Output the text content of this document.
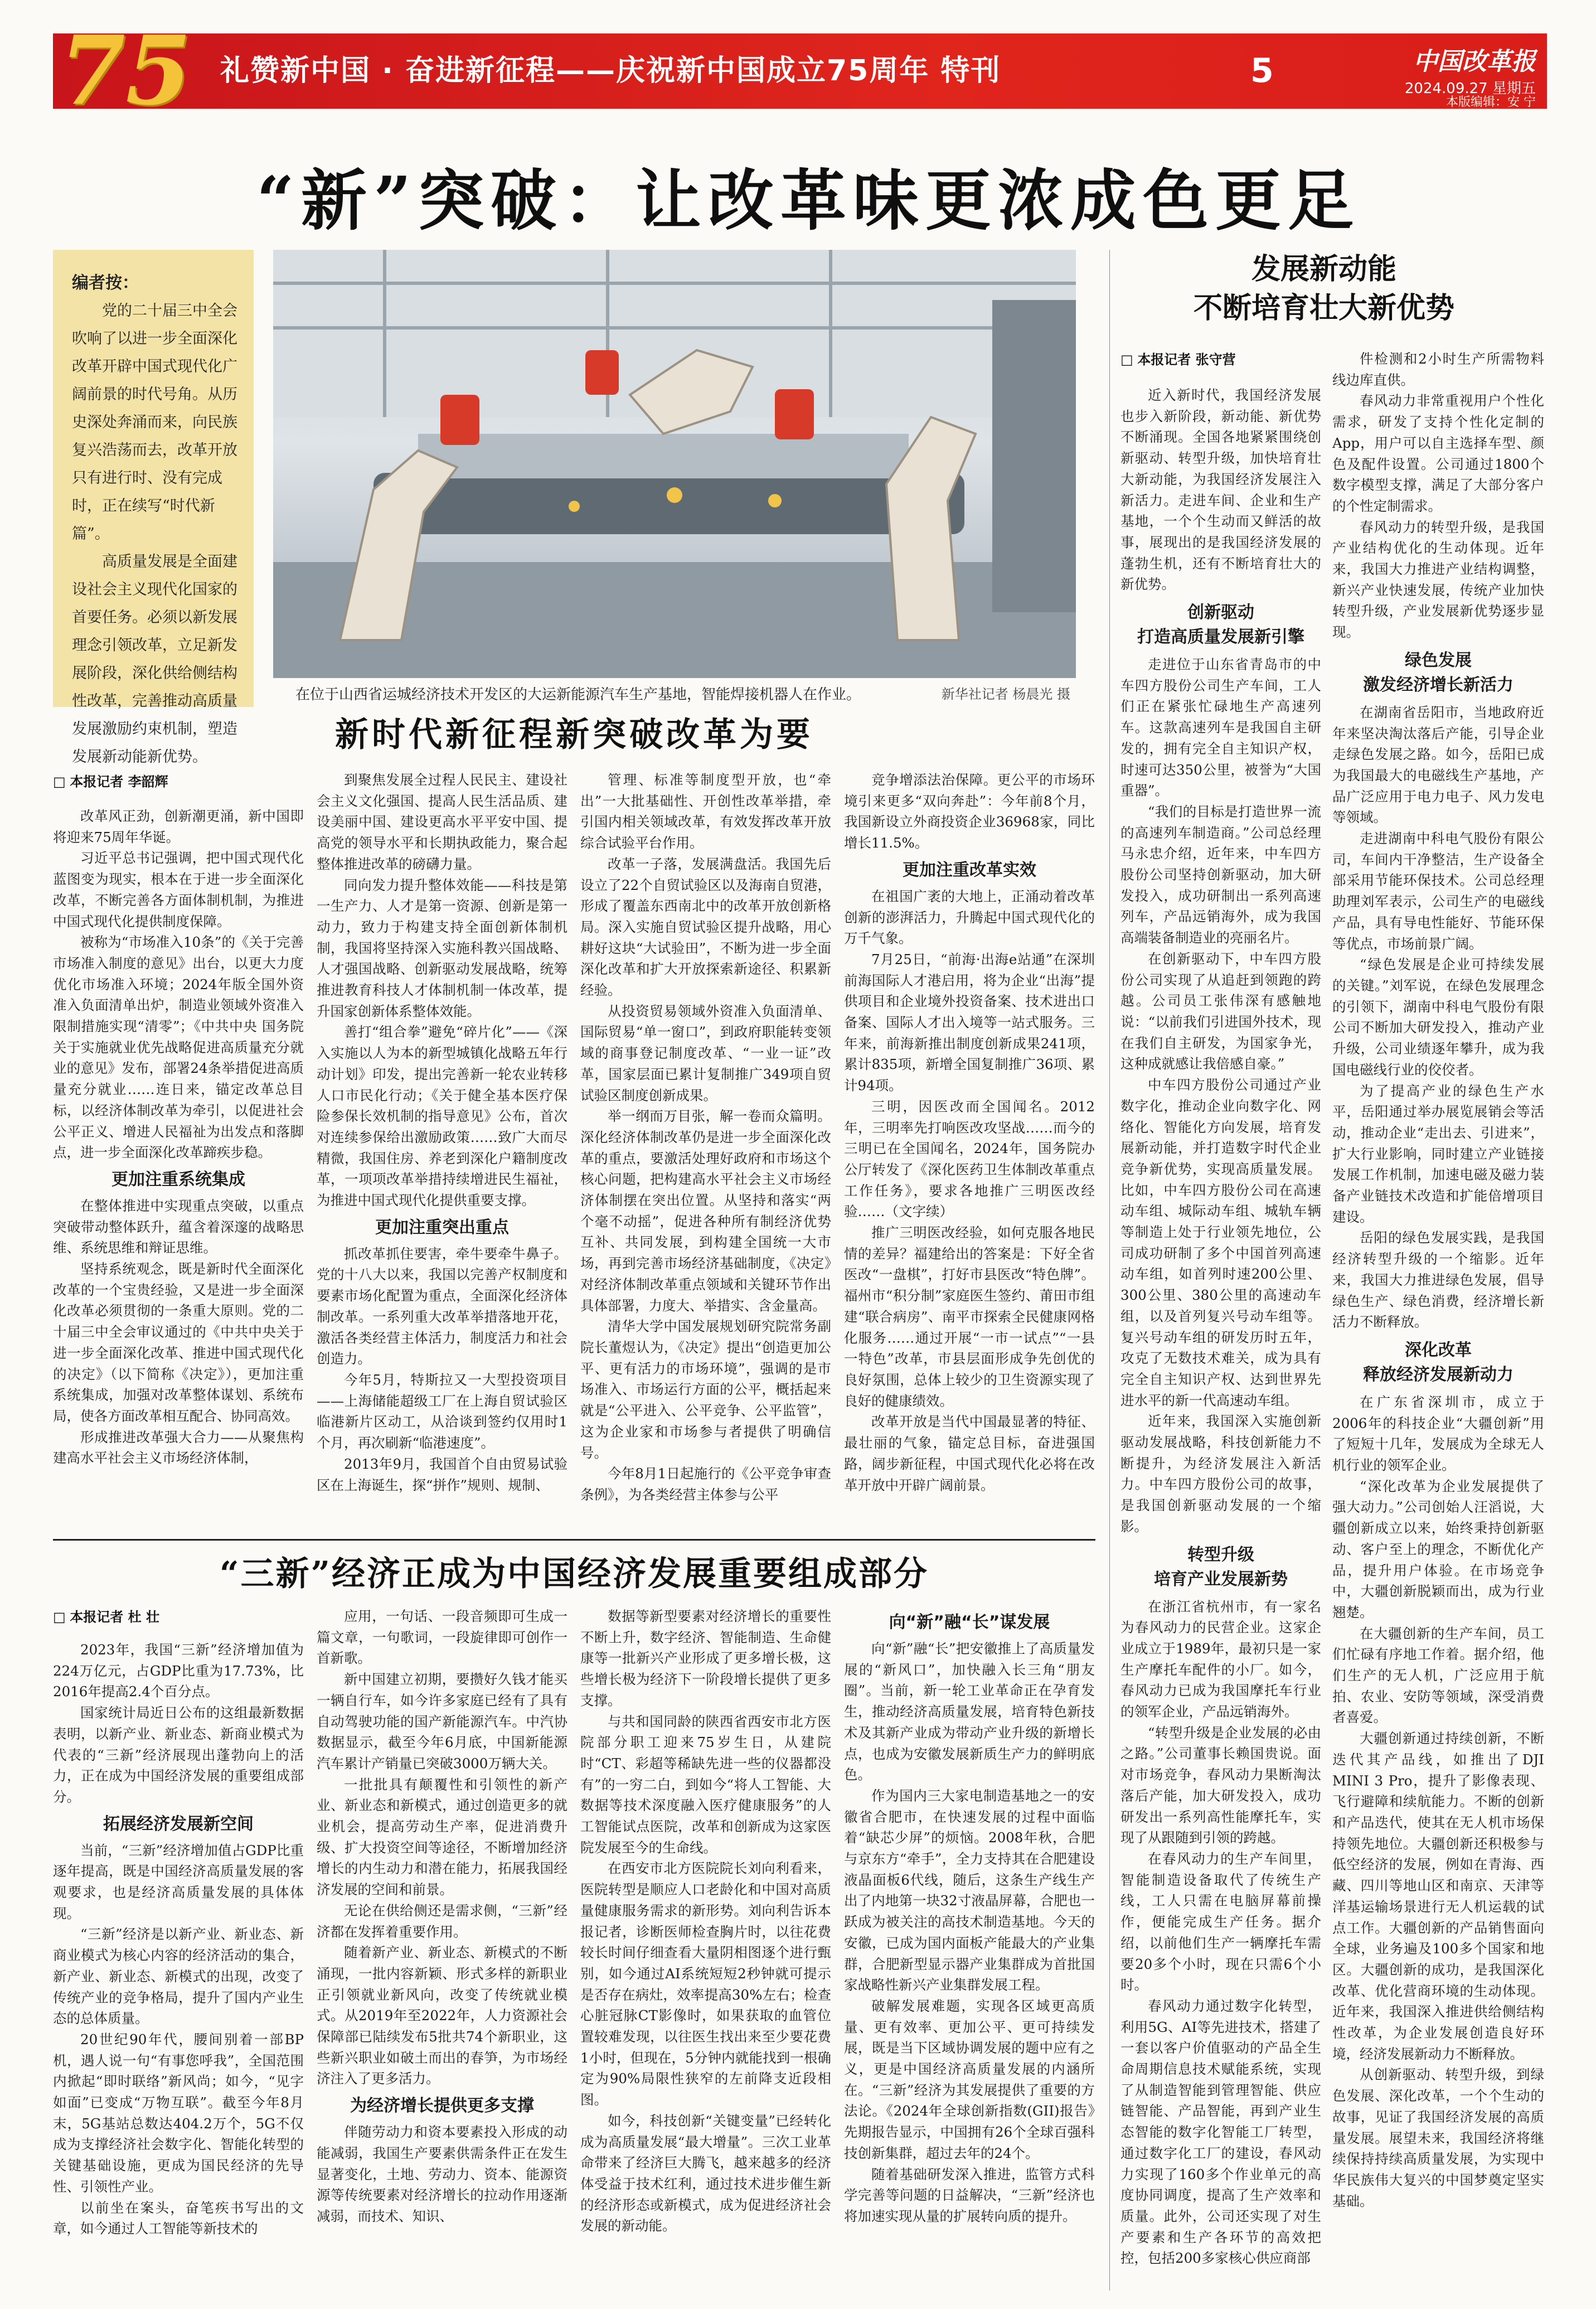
75 礼赞新中国 · 奋进新征程——庆祝新中国成立75周年 特刊	5	中国改革报
2024.09.27 星期五
本版编辑：安 宁
“新”突破：让改革味更浓成色更足
编者按：

党的二十届三中全会吹响了以进一步全面深化改革开辟中国式现代化广阔前景的时代号角。从历史深处奔涌而来，向民族复兴浩荡而去，改革开放只有进行时、没有完成时，正在续写“时代新篇”。

高质量发展是全面建设社会主义现代化国家的首要任务。必须以新发展理念引领改革，立足新发展阶段，深化供给侧结构性改革，完善推动高质量发展激励约束机制，塑造发展新动能新优势。

在位于山西省运城经济技术开发区的大运新能源汽车生产基地，智能焊接机器人在作业。	新华社记者 杨晨光 摄
新时代新征程新突破改革为要
□ 本报记者 李韶辉

改革风正劲，创新潮更涌，新中国即将迎来75周年华诞。

习近平总书记强调，把中国式现代化蓝图变为现实，根本在于进一步全面深化改革，不断完善各方面体制机制，为推进中国式现代化提供制度保障。

被称为“市场准入10条”的《关于完善市场准入制度的意见》出台，以更大力度优化市场准入环境；2024年版全国外资准入负面清单出炉，制造业领域外资准入限制措施实现“清零”；《中共中央 国务院关于实施就业优先战略促进高质量充分就业的意见》发布，部署24条举措促进高质量充分就业……连日来，锚定改革总目标，以经济体制改革为牵引，以促进社会公平正义、增进人民福祉为出发点和落脚点，进一步全面深化改革蹄疾步稳。

更加注重系统集成

在整体推进中实现重点突破，以重点突破带动整体跃升，蕴含着深邃的战略思维、系统思维和辩证思维。

坚持系统观念，既是新时代全面深化改革的一个宝贵经验，又是进一步全面深化改革必须贯彻的一条重大原则。党的二十届三中全会审议通过的《中共中央关于进一步全面深化改革、推进中国式现代化的决定》（以下简称《决定》），更加注重系统集成，加强对改革整体谋划、系统布局，使各方面改革相互配合、协同高效。

形成推进改革强大合力——从聚焦构建高水平社会主义市场经济体制，

到聚焦发展全过程人民民主、建设社会主义文化强国、提高人民生活品质、建设美丽中国、建设更高水平平安中国、提高党的领导水平和长期执政能力，聚合起整体推进改革的磅礴力量。

同向发力提升整体效能——科技是第一生产力、人才是第一资源、创新是第一动力，致力于构建支持全面创新体制机制，我国将坚持深入实施科教兴国战略、人才强国战略、创新驱动发展战略，统筹推进教育科技人才体制机制一体改革，提升国家创新体系整体效能。

善打“组合拳”避免“碎片化”——《深入实施以人为本的新型城镇化战略五年行动计划》印发，提出完善新一轮农业转移人口市民化行动；《关于健全基本医疗保险参保长效机制的指导意见》公布，首次对连续参保给出激励政策……致广大而尽精微，我国住房、养老到深化户籍制度改革，一项项改革举措持续增进民生福祉，为推进中国式现代化提供重要支撑。

更加注重突出重点

抓改革抓住要害，牵牛要牵牛鼻子。党的十八大以来，我国以完善产权制度和要素市场化配置为重点，全面深化经济体制改革。一系列重大改革举措落地开花，激活各类经营主体活力，制度活力和社会创造力。

今年5月，特斯拉又一大型投资项目——上海储能超级工厂在上海自贸试验区临港新片区动工，从洽谈到签约仅用时1个月，再次刷新“临港速度”。

2013年9月，我国首个自由贸易试验区在上海诞生，探“拼作”规则、规制、

管理、标准等制度型开放，也“牵出”一大批基础性、开创性改革举措，牵引国内相关领域改革，有效发挥改革开放综合试验平台作用。

改革一子落，发展满盘活。我国先后设立了22个自贸试验区以及海南自贸港，形成了覆盖东西南北中的改革开放创新格局。深入实施自贸试验区提升战略，用心耕好这块“大试验田”，不断为进一步全面深化改革和扩大开放探索新途径、积累新经验。

从投资贸易领域外资准入负面清单、国际贸易“单一窗口”，到政府职能转变领域的商事登记制度改革、“一业一证”改革，国家层面已累计复制推广349项自贸试验区制度创新成果。

举一纲而万目张，解一卷而众篇明。深化经济体制改革仍是进一步全面深化改革的重点，要激活处理好政府和市场这个核心问题，把构建高水平社会主义市场经济体制摆在突出位置。从坚持和落实“两个毫不动摇”，促进各种所有制经济优势互补、共同发展，到构建全国统一大市场，再到完善市场经济基础制度，《决定》对经济体制改革重点领域和关键环节作出具体部署，力度大、举措实、含金量高。

清华大学中国发展规划研究院常务副院长董煜认为，《决定》提出“创造更加公平、更有活力的市场环境”，强调的是市场准入、市场运行方面的公平，概括起来就是“公平进入、公平竞争、公平监管”，这为企业家和市场参与者提供了明确信号。

今年8月1日起施行的《公平竞争审查条例》，为各类经营主体参与公平

竞争增添法治保障。更公平的市场环境引来更多“双向奔赴”：今年前8个月，我国新设立外商投资企业36968家，同比增长11.5%。

更加注重改革实效

在祖国广袤的大地上，正涌动着改革创新的澎湃活力，升腾起中国式现代化的万千气象。

7月25日，“前海·出海e站通”在深圳前海国际人才港启用，将为企业“出海”提供项目和企业境外投资备案、技术进出口备案、国际人才出入境等一站式服务。三年来，前海新推出制度创新成果241项，累计835项，新增全国复制推广36项、累计94项。

三明，因医改而全国闻名。2012年，三明率先打响医改攻坚战……而今的三明已在全国闻名，2024年，国务院办公厅转发了《深化医药卫生体制改革重点工作任务》，要求各地推广三明医改经验……（文字续）

推广三明医改经验，如何克服各地民情的差异？福建给出的答案是：下好全省医改“一盘棋”，打好市县医改“特色牌”。福州市“积分制”家庭医生签约、莆田市组建“联合病房”、南平市探索全民健康网格化服务……通过开展“一市一试点”“一县一特色”改革，市县层面形成争先创优的良好氛围，总体上较少的卫生资源实现了良好的健康绩效。

改革开放是当代中国最显著的特征、最壮丽的气象，锚定总目标，奋进强国路，阔步新征程，中国式现代化必将在改革开放中开辟广阔前景。

“三新”经济正成为中国经济发展重要组成部分
□ 本报记者 杜 壮

2023年，我国“三新”经济增加值为224万亿元，占GDP比重为17.73%，比2016年提高2.4个百分点。

国家统计局近日公布的这组最新数据表明，以新产业、新业态、新商业模式为代表的“三新”经济展现出蓬勃向上的活力，正在成为中国经济发展的重要组成部分。

拓展经济发展新空间

当前，“三新”经济增加值占GDP比重逐年提高，既是中国经济高质量发展的客观要求，也是经济高质量发展的具体体现。

“三新”经济是以新产业、新业态、新商业模式为核心内容的经济活动的集合，新产业、新业态、新模式的出现，改变了传统产业的竞争格局，提升了国内产业生态的总体质量。

20世纪90年代，腰间别着一部BP机，遇人说一句“有事您呼我”，全国范围内掀起“即时联络”新风尚；如今，“见字如面”已变成“万物互联”。截至今年8月末，5G基站总数达404.2万个，5G不仅成为支撑经济社会数字化、智能化转型的关键基础设施，更成为国民经济的先导性、引领性产业。

以前坐在案头，奋笔疾书写出的文章，如今通过人工智能等新技术的

应用，一句话、一段音频即可生成一篇文章，一句歌词，一段旋律即可创作一首新歌。

新中国建立初期，要攒好久钱才能买一辆自行车，如今许多家庭已经有了具有自动驾驶功能的国产新能源汽车。中汽协数据显示，截至今年6月底，中国新能源汽车累计产销量已突破3000万辆大关。

一批批具有颠覆性和引领性的新产业、新业态和新模式，通过创造更多的就业机会，提高劳动生产率，促进消费升级、扩大投资空间等途径，不断增加经济增长的内生动力和潜在能力，拓展我国经济发展的空间和前景。

无论在供给侧还是需求侧，“三新”经济都在发挥着重要作用。

随着新产业、新业态、新模式的不断涌现，一批内容新颖、形式多样的新职业正引领就业新风向，改变了传统就业模式。从2019年至2022年，人力资源社会保障部已陆续发布5批共74个新职业，这些新兴职业如破土而出的春笋，为市场经济注入了更多活力。

为经济增长提供更多支撑

伴随劳动力和资本要素投入形成的动能减弱，我国生产要素供需条件正在发生显著变化，土地、劳动力、资本、能源资源等传统要素对经济增长的拉动作用逐渐减弱，而技术、知识、

数据等新型要素对经济增长的重要性不断上升，数字经济、智能制造、生命健康等一批新兴产业形成了更多增长极，这些增长极为经济下一阶段增长提供了更多支撑。

与共和国同龄的陕西省西安市北方医院部分职工迎来75岁生日，从建院时“CT、彩超等稀缺先进一些的仪器都没有”的一穷二白，到如今“将人工智能、大数据等技术深度融入医疗健康服务”的人工智能试点医院，改革和创新成为这家医院发展至今的生命线。

在西安市北方医院院长刘向利看来，医院转型是顺应人口老龄化和中国对高质量健康服务需求的新形势。刘向利告诉本报记者，诊断医师检查胸片时，以往花费较长时间仔细查看大量阴相图逐个进行甄别，如今通过AI系统短短2秒钟就可提示是否存在病灶，效率提高30%左右；检查心脏冠脉CT影像时，如果获取的血管位置较难发现，以往医生找出来至少要花费1小时，但现在，5分钟内就能找到一根确定为90%局限性狭窄的左前降支近段相图。

如今，科技创新“关键变量”已经转化成为高质量发展“最大增量”。三次工业革命带来了经济巨大腾飞，越来越多的经济体受益于技术红利，通过技术进步催生新的经济形态或新模式，成为促进经济社会发展的新动能。

向“新”融“长”谋发展

向“新”融“长”把安徽推上了高质量发展的“新风口”，加快融入长三角“朋友圈”。当前，新一轮工业革命正在孕育发生，推动经济高质量发展，培育特色新技术及其新产业成为带动产业升级的新增长点，也成为安徽发展新质生产力的鲜明底色。

作为国内三大家电制造基地之一的安徽省合肥市，在快速发展的过程中面临着“缺芯少屏”的烦恼。2008年秋，合肥与京东方“牵手”，全力支持其在合肥建设液晶面板6代线，随后，这条生产线生产出了内地第一块32寸液晶屏幕，合肥也一跃成为被关注的高技术制造基地。今天的安徽，已成为国内面板产能最大的产业集群，合肥新型显示器产业集群成为首批国家战略性新兴产业集群发展工程。

破解发展难题，实现各区域更高质量、更有效率、更加公平、更可持续发展，既是当下区域协调发展的题中应有之义，更是中国经济高质量发展的内涵所在。“三新”经济为其发展提供了重要的方法论。《2024年全球创新指数(GII)报告》先期报告显示，中国拥有26个全球百强科技创新集群，超过去年的24个。

随着基础研发深入推进，监管方式科学完善等问题的日益解决，“三新”经济也将加速实现从量的扩展转向质的提升。

发展新动能
不断培育壮大新优势
□ 本报记者 张守营

近入新时代，我国经济发展也步入新阶段，新动能、新优势不断涌现。全国各地紧紧围绕创新驱动、转型升级，加快培育壮大新动能，为我国经济发展注入新活力。走进车间、企业和生产基地，一个个生动而又鲜活的故事，展现出的是我国经济发展的蓬勃生机，还有不断培育壮大的新优势。

创新驱动
打造高质量发展新引擎

走进位于山东省青岛市的中车四方股份公司生产车间，工人们正在紧张忙碌地生产高速列车。这款高速列车是我国自主研发的，拥有完全自主知识产权，时速可达350公里，被誉为“大国重器”。

“我们的目标是打造世界一流的高速列车制造商。”公司总经理马永忠介绍，近年来，中车四方股份公司坚持创新驱动，加大研发投入，成功研制出一系列高速列车，产品远销海外，成为我国高端装备制造业的亮丽名片。

在创新驱动下，中车四方股份公司实现了从追赶到领跑的跨越。公司员工张伟深有感触地说：“以前我们引进国外技术，现在我们自主研发，为国家争光，这种成就感让我倍感自豪。”

中车四方股份公司通过产业数字化，推动企业向数字化、网络化、智能化方向发展，培育发展新动能，并打造数字时代企业竞争新优势，实现高质量发展。比如，中车四方股份公司在高速动车组、城际动车组、城轨车辆等制造上处于行业领先地位，公司成功研制了多个中国首列高速动车组，如首列时速200公里、300公里、380公里的高速动车组，以及首列复兴号动车组等。复兴号动车组的研发历时五年，攻克了无数技术难关，成为具有完全自主知识产权、达到世界先进水平的新一代高速动车组。

近年来，我国深入实施创新驱动发展战略，科技创新能力不断提升，为经济发展注入新活力。中车四方股份公司的故事，是我国创新驱动发展的一个缩影。

转型升级
培育产业发展新势

在浙江省杭州市，有一家名为春风动力的民营企业。这家企业成立于1989年，最初只是一家生产摩托车配件的小厂。如今，春风动力已成为我国摩托车行业的领军企业，产品远销海外。

“转型升级是企业发展的必由之路。”公司董事长赖国贵说。面对市场竞争，春风动力果断淘汰落后产能，加大研发投入，成功研发出一系列高性能摩托车，实现了从跟随到引领的跨越。

在春风动力的生产车间里，智能制造设备取代了传统生产线，工人只需在电脑屏幕前操作，便能完成生产任务。据介绍，以前他们生产一辆摩托车需要20多个小时，现在只需6个小时。

春风动力通过数字化转型，利用5G、AI等先进技术，搭建了一套以客户价值驱动的产品全生命周期信息技术赋能系统，实现了从制造智能到管理智能、供应链智能、产品智能，再到产业生态智能的数字化智能工厂转型，通过数字化工厂的建设，春风动力实现了160多个作业单元的高度协同调度，提高了生产效率和质量。此外，公司还实现了对生产要素和生产各环节的高效把控，包括200多家核心供应商部

件检测和2小时生产所需物料线边库直供。

春风动力非常重视用户个性化需求，研发了支持个性化定制的App，用户可以自主选择车型、颜色及配件设置。公司通过1800个数字模型支撑，满足了大部分客户的个性定制需求。

春风动力的转型升级，是我国产业结构优化的生动体现。近年来，我国大力推进产业结构调整，新兴产业快速发展，传统产业加快转型升级，产业发展新优势逐步显现。

绿色发展
激发经济增长新活力

在湖南省岳阳市，当地政府近年来坚决淘汰落后产能，引导企业走绿色发展之路。如今，岳阳已成为我国最大的电磁线生产基地，产品广泛应用于电力电子、风力发电等领域。

走进湖南中科电气股份有限公司，车间内干净整洁，生产设备全部采用节能环保技术。公司总经理助理刘军表示，公司生产的电磁线产品，具有导电性能好、节能环保等优点，市场前景广阔。

“绿色发展是企业可持续发展的关键。”刘军说，在绿色发展理念的引领下，湖南中科电气股份有限公司不断加大研发投入，推动产业升级，公司业绩逐年攀升，成为我国电磁线行业的佼佼者。

为了提高产业的绿色生产水平，岳阳通过举办展览展销会等活动，推动企业“走出去、引进来”，扩大行业影响，同时建立产业链接发展工作机制，加速电磁及磁力装备产业链技术改造和扩能倍增项目建设。

岳阳的绿色发展实践，是我国经济转型升级的一个缩影。近年来，我国大力推进绿色发展，倡导绿色生产、绿色消费，经济增长新活力不断释放。

深化改革
释放经济发展新动力

在广东省深圳市，成立于2006年的科技企业“大疆创新”用了短短十几年，发展成为全球无人机行业的领军企业。

“深化改革为企业发展提供了强大动力。”公司创始人汪滔说，大疆创新成立以来，始终秉持创新驱动、客户至上的理念，不断优化产品，提升用户体验。在市场竞争中，大疆创新脱颖而出，成为行业翘楚。

在大疆创新的生产车间，员工们忙碌有序地工作着。据介绍，他们生产的无人机，广泛应用于航拍、农业、安防等领域，深受消费者喜爱。

大疆创新通过持续创新，不断迭代其产品线，如推出了DJI MINI 3 Pro，提升了影像表现、飞行避障和续航能力。不断的创新和产品迭代，使其在无人机市场保持领先地位。大疆创新还积极参与低空经济的发展，例如在青海、西藏、四川等地山区和南京、天津等洋基运输场景进行无人机运载的试点工作。大疆创新的产品销售面向全球，业务遍及100多个国家和地区。大疆创新的成功，是我国深化改革、优化营商环境的生动体现。近年来，我国深入推进供给侧结构性改革，为企业发展创造良好环境，经济发展新动力不断释放。

从创新驱动、转型升级，到绿色发展、深化改革，一个个生动的故事，见证了我国经济发展的高质量发展。展望未来，我国经济将继续保持持续高质量发展，为实现中华民族伟大复兴的中国梦奠定坚实基础。
